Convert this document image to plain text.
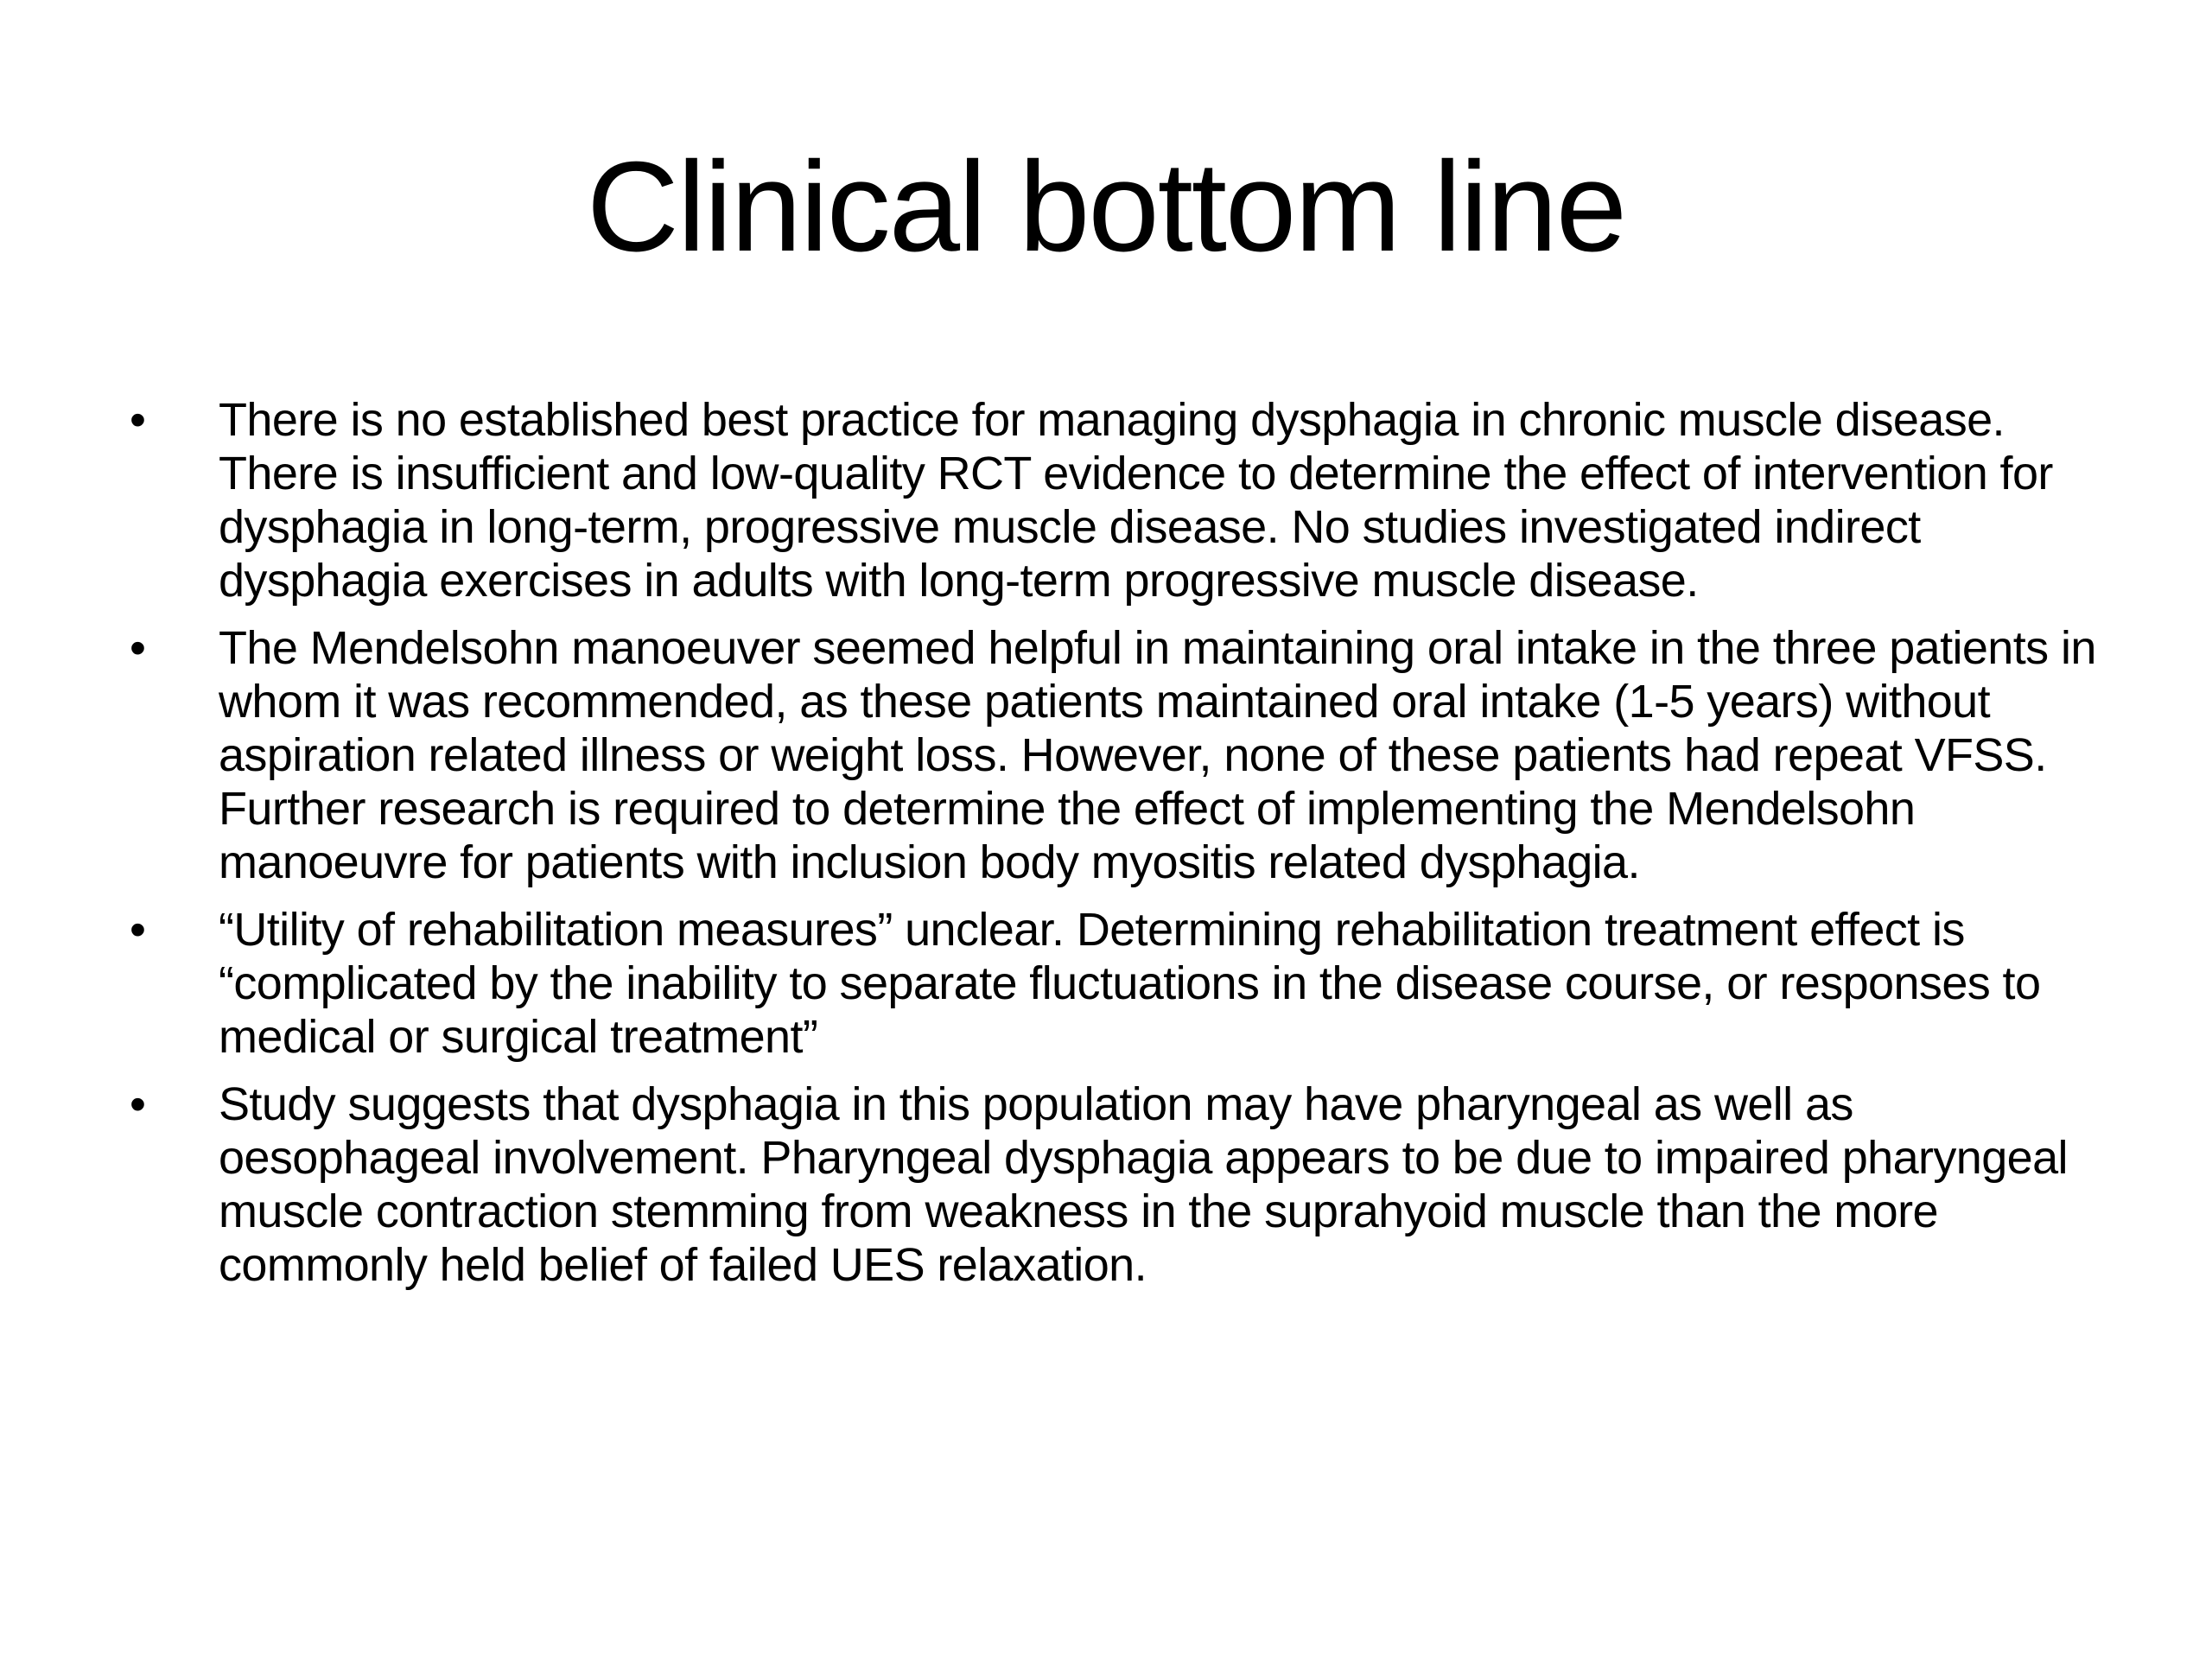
Clinical bottom line
•	There is no established best practice for managing dysphagia in chronic muscle disease. There is insufficient and low-quality RCT evidence to determine the effect of intervention for dysphagia in long-term, progressive muscle disease. No studies investigated indirect dysphagia exercises in adults with long-term progressive muscle disease.
•	The Mendelsohn manoeuver seemed helpful in maintaining oral intake in the three patients in whom it was recommended, as these patients maintained oral intake (1-5 years) without aspiration related illness or weight loss. However, none of these patients had repeat VFSS. Further research is required to determine the effect of implementing the Mendelsohn manoeuvre for patients with inclusion body myositis related dysphagia.
•	“Utility of rehabilitation measures” unclear. Determining rehabilitation treatment effect is “complicated by the inability to separate fluctuations in the disease course, or responses to medical or surgical treatment”
•	Study suggests that dysphagia in this population may have pharyngeal as well as oesophageal involvement. Pharyngeal dysphagia appears to be due to impaired pharyngeal muscle contraction stemming from weakness in the suprahyoid muscle than the more commonly held belief of failed UES relaxation.
